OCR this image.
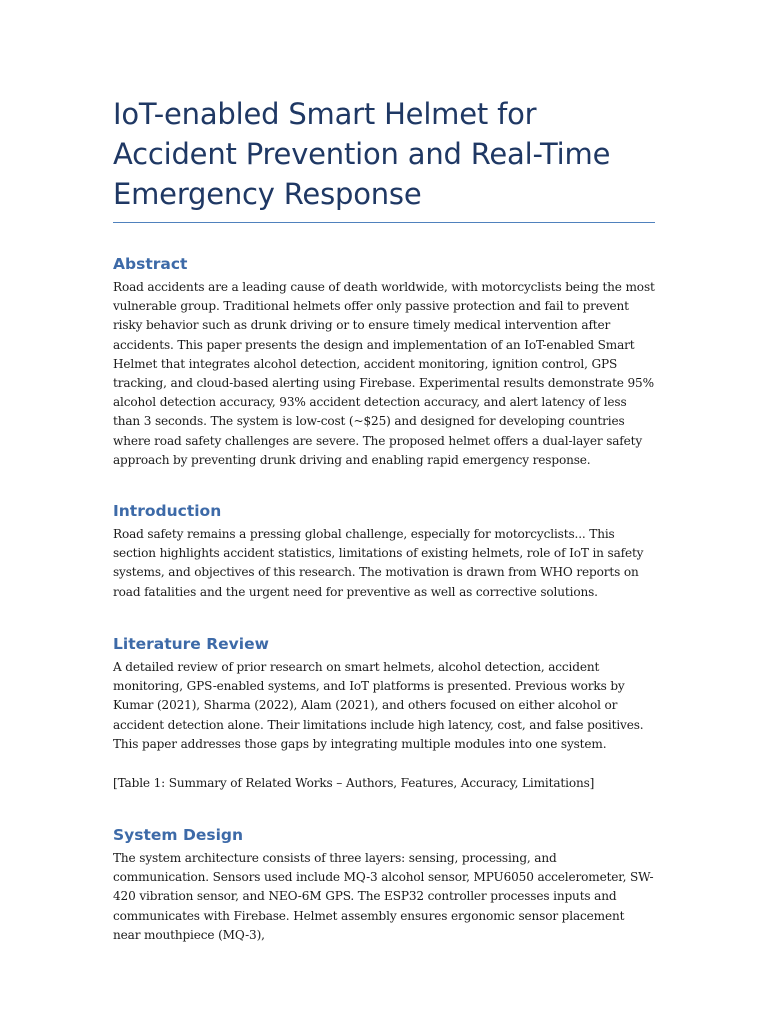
IoT-enabled Smart Helmet for Accident Prevention and Real-Time Emergency Response
Abstract

Road accidents are a leading cause of death worldwide, with motorcyclists being the most vulnerable group. Traditional helmets offer only passive protection and fail to prevent risky behavior such as drunk driving or to ensure timely medical intervention after accidents. This paper presents the design and implementation of an IoT-enabled Smart Helmet that integrates alcohol detection, accident monitoring, ignition control, GPS tracking, and cloud-based alerting using Firebase. Experimental results demonstrate 95% alcohol detection accuracy, 93% accident detection accuracy, and alert latency of less than 3 seconds. The system is low-cost (~$25) and designed for developing countries where road safety challenges are severe. The proposed helmet offers a dual-layer safety approach by preventing drunk driving and enabling rapid emergency response.

Introduction

Road safety remains a pressing global challenge, especially for motorcyclists... This section highlights accident statistics, limitations of existing helmets, role of IoT in safety systems, and objectives of this research. The motivation is drawn from WHO reports on road fatalities and the urgent need for preventive as well as corrective solutions.

Literature Review

A detailed review of prior research on smart helmets, alcohol detection, accident monitoring, GPS-enabled systems, and IoT platforms is presented. Previous works by Kumar (2021), Sharma (2022), Alam (2021), and others focused on either alcohol or accident detection alone. Their limitations include high latency, cost, and false positives. This paper addresses those gaps by integrating multiple modules into one system.

[Table 1: Summary of Related Works – Authors, Features, Accuracy, Limitations]

System Design

The system architecture consists of three layers: sensing, processing, and communication. Sensors used include MQ-3 alcohol sensor, MPU6050 accelerometer, SW-420 vibration sensor, and NEO-6M GPS. The ESP32 controller processes inputs and communicates with Firebase. Helmet assembly ensures ergonomic sensor placement near mouthpiece (MQ-3),
